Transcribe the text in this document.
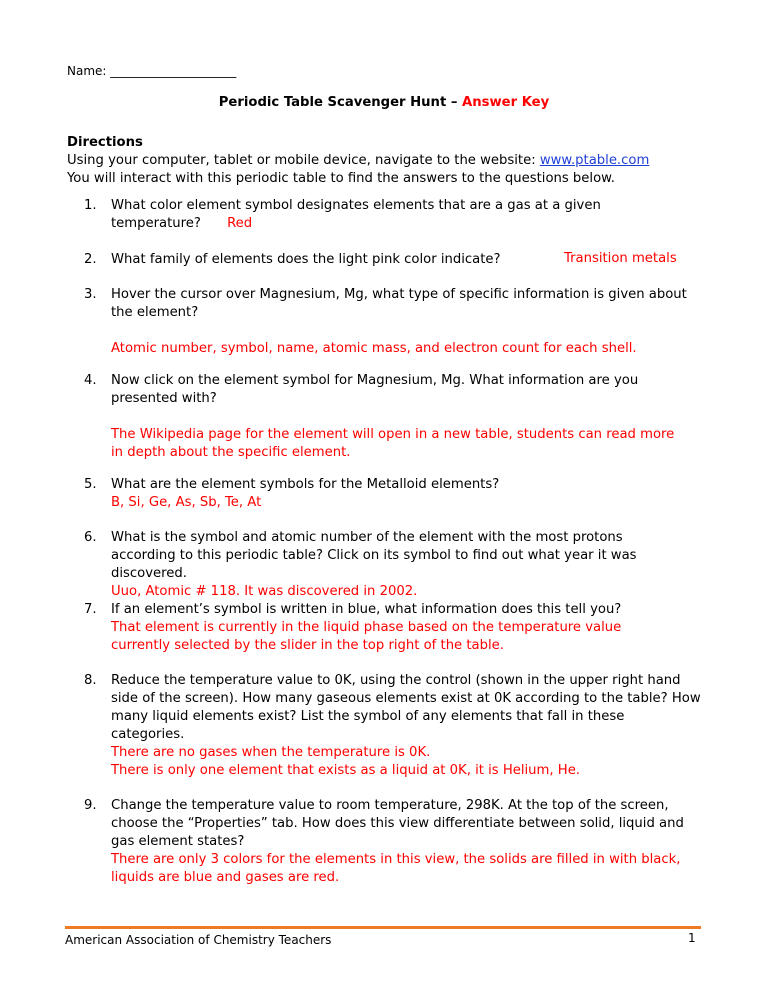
Name: _____________________
Periodic Table Scavenger Hunt – Answer Key
Directions
Using your computer, tablet or mobile device, navigate to the website: www.ptable.com
You will interact with this periodic table to find the answers to the questions below.
1. What color element symbol designates elements that are a gas at a given temperature? Red
2. What family of elements does the light pink color indicate?	Transition metals
3. Hover the cursor over Magnesium, Mg, what type of specific information is given about the element?
Atomic number, symbol, name, atomic mass, and electron count for each shell.
4. Now click on the element symbol for Magnesium, Mg. What information are you presented with?
The Wikipedia page for the element will open in a new table, students can read more in depth about the specific element.
5. What are the element symbols for the Metalloid elements?
B, Si, Ge, As, Sb, Te, At
6. What is the symbol and atomic number of the element with the most protons according to this periodic table? Click on its symbol to find out what year it was discovered.
Uuo, Atomic # 118. It was discovered in 2002.
7. If an element’s symbol is written in blue, what information does this tell you?
That element is currently in the liquid phase based on the temperature value currently selected by the slider in the top right of the table.
8. Reduce the temperature value to 0K, using the control (shown in the upper right hand side of the screen). How many gaseous elements exist at 0K according to the table? How many liquid elements exist? List the symbol of any elements that fall in these categories.
There are no gases when the temperature is 0K.
There is only one element that exists as a liquid at 0K, it is Helium, He.
9. Change the temperature value to room temperature, 298K. At the top of the screen, choose the “Properties” tab. How does this view differentiate between solid, liquid and gas element states?
There are only 3 colors for the elements in this view, the solids are filled in with black, liquids are blue and gases are red.
American Association of Chemistry Teachers	1
